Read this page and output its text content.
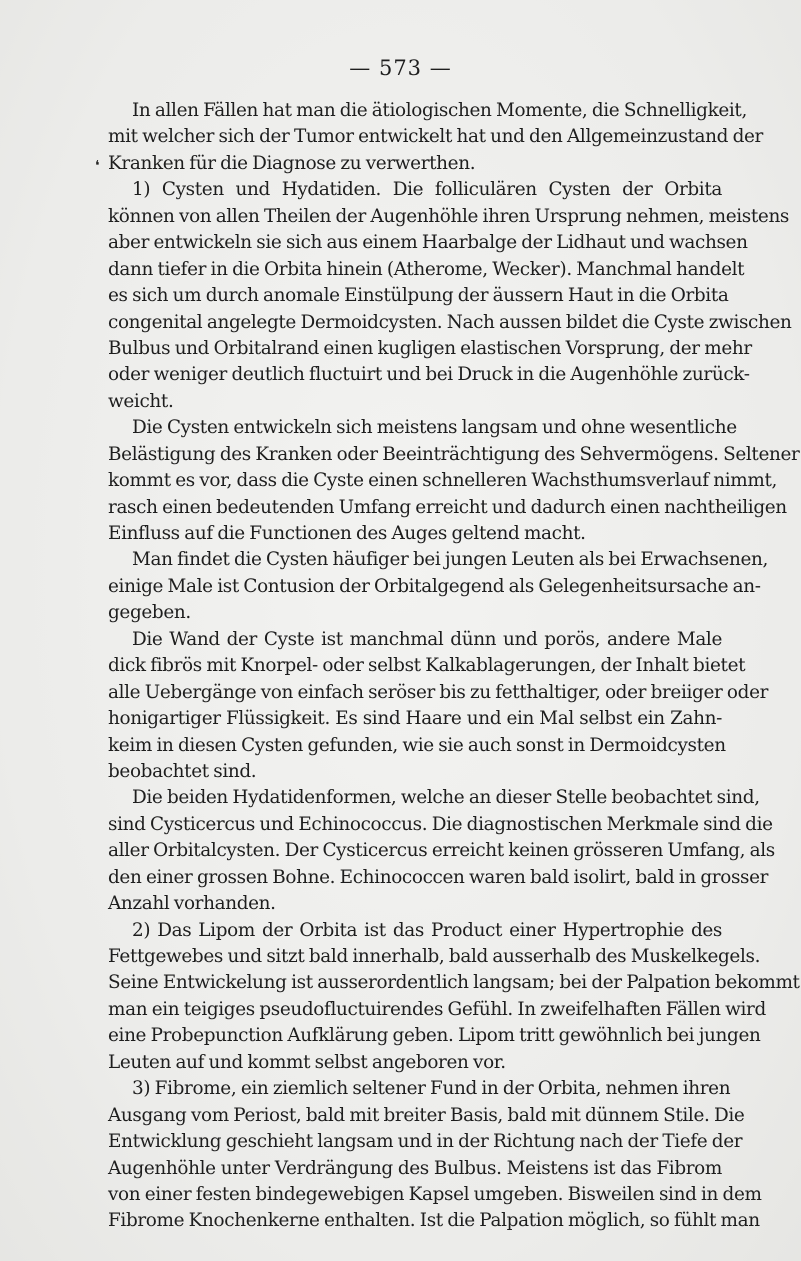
— 573 —
❛
In allen Fällen hat man die ätiologischen Momente, die Schnelligkeit,
mit welcher sich der Tumor entwickelt hat und den Allgemeinzustand der
Kranken für die Diagnose zu verwerthen.
1) Cysten und Hydatiden. Die folliculären Cysten der Orbita
können von allen Theilen der Augenhöhle ihren Ursprung nehmen, meistens
aber entwickeln sie sich aus einem Haarbalge der Lidhaut und wachsen
dann tiefer in die Orbita hinein (Atherome, Wecker). Manchmal handelt
es sich um durch anomale Einstülpung der äussern Haut in die Orbita
congenital angelegte Dermoidcysten. Nach aussen bildet die Cyste zwischen
Bulbus und Orbitalrand einen kugligen elastischen Vorsprung, der mehr
oder weniger deutlich fluctuirt und bei Druck in die Augenhöhle zurück-
weicht.
Die Cysten entwickeln sich meistens langsam und ohne wesentliche
Belästigung des Kranken oder Beeinträchtigung des Sehvermögens. Seltener
kommt es vor, dass die Cyste einen schnelleren Wachsthumsverlauf nimmt,
rasch einen bedeutenden Umfang erreicht und dadurch einen nachtheiligen
Einfluss auf die Functionen des Auges geltend macht.
Man findet die Cysten häufiger bei jungen Leuten als bei Erwachsenen,
einige Male ist Contusion der Orbitalgegend als Gelegenheitsursache an-
gegeben.
Die Wand der Cyste ist manchmal dünn und porös, andere Male
dick fibrös mit Knorpel- oder selbst Kalkablagerungen, der Inhalt bietet
alle Uebergänge von einfach seröser bis zu fetthaltiger, oder breiiger oder
honigartiger Flüssigkeit. Es sind Haare und ein Mal selbst ein Zahn-
keim in diesen Cysten gefunden, wie sie auch sonst in Dermoidcysten
beobachtet sind.
Die beiden Hydatidenformen, welche an dieser Stelle beobachtet sind,
sind Cysticercus und Echinococcus. Die diagnostischen Merkmale sind die
aller Orbitalcysten. Der Cysticercus erreicht keinen grösseren Umfang, als
den einer grossen Bohne. Echinococcen waren bald isolirt, bald in grosser
Anzahl vorhanden.
2) Das Lipom der Orbita ist das Product einer Hypertrophie des
Fettgewebes und sitzt bald innerhalb, bald ausserhalb des Muskelkegels.
Seine Entwickelung ist ausserordentlich langsam; bei der Palpation bekommt
man ein teigiges pseudofluctuirendes Gefühl. In zweifelhaften Fällen wird
eine Probepunction Aufklärung geben. Lipom tritt gewöhnlich bei jungen
Leuten auf und kommt selbst angeboren vor.
3) Fibrome, ein ziemlich seltener Fund in der Orbita, nehmen ihren
Ausgang vom Periost, bald mit breiter Basis, bald mit dünnem Stile. Die
Entwicklung geschieht langsam und in der Richtung nach der Tiefe der
Augenhöhle unter Verdrängung des Bulbus. Meistens ist das Fibrom
von einer festen bindegewebigen Kapsel umgeben. Bisweilen sind in dem
Fibrome Knochenkerne enthalten. Ist die Palpation möglich, so fühlt man
